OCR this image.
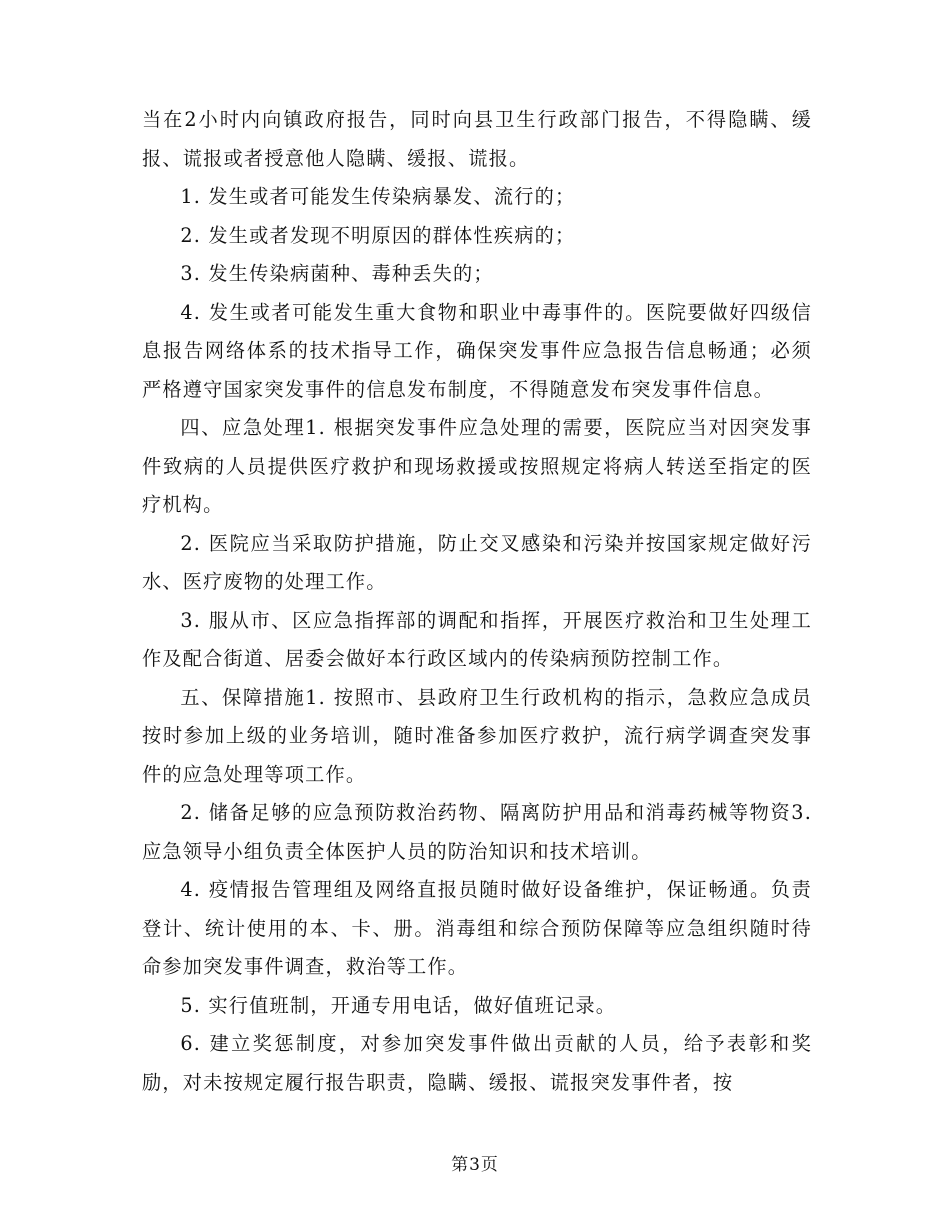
当在2小时内向镇政府报告，同时向县卫生行政部门报告，不得隐瞒、缓报、谎报或者授意他人隐瞒、缓报、谎报。

1. 发生或者可能发生传染病暴发、流行的；

2. 发生或者发现不明原因的群体性疾病的；

3. 发生传染病菌种、毒种丢失的；

4. 发生或者可能发生重大食物和职业中毒事件的。医院要做好四级信息报告网络体系的技术指导工作，确保突发事件应急报告信息畅通；必须严格遵守国家突发事件的信息发布制度，不得随意发布突发事件信息。

四、应急处理1. 根据突发事件应急处理的需要，医院应当对因突发事件致病的人员提供医疗救护和现场救援或按照规定将病人转送至指定的医疗机构。

2. 医院应当采取防护措施，防止交叉感染和污染并按国家规定做好污水、医疗废物的处理工作。

3. 服从市、区应急指挥部的调配和指挥，开展医疗救治和卫生处理工作及配合街道、居委会做好本行政区域内的传染病预防控制工作。

五、保障措施1. 按照市、县政府卫生行政机构的指示，急救应急成员按时参加上级的业务培训，随时准备参加医疗救护，流行病学调查突发事件的应急处理等项工作。

2. 储备足够的应急预防救治药物、隔离防护用品和消毒药械等物资3. 应急领导小组负责全体医护人员的防治知识和技术培训。

4. 疫情报告管理组及网络直报员随时做好设备维护，保证畅通。负责登计、统计使用的本、卡、册。消毒组和综合预防保障等应急组织随时待命参加突发事件调查，救治等工作。

5. 实行值班制，开通专用电话，做好值班记录。

6. 建立奖惩制度，对参加突发事件做出贡献的人员，给予表彰和奖励，对未按规定履行报告职责，隐瞒、缓报、谎报突发事件者，按

第3页
